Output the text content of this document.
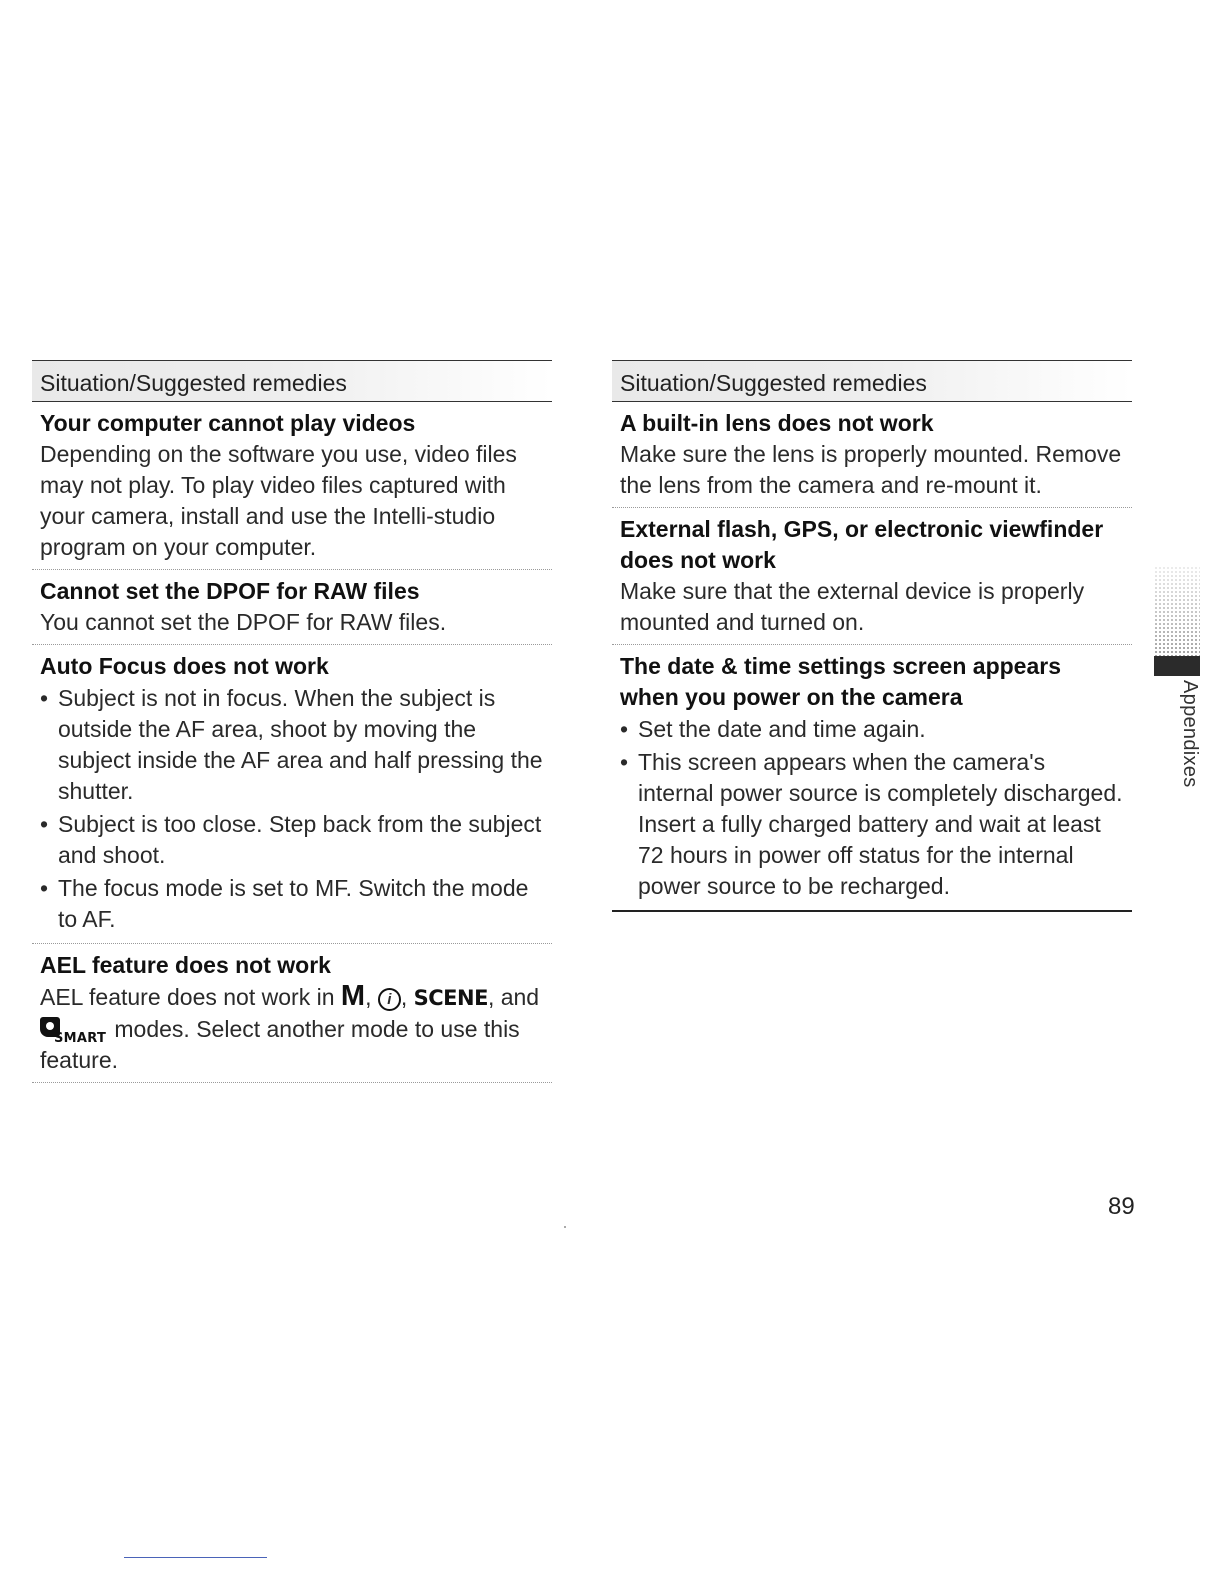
Situation/Suggested remedies
Your computer cannot play videos

Depending on the software you use, video files may not play. To play video files captured with your camera, install and use the Intelli-studio program on your computer.

Cannot set the DPOF for RAW files

You cannot set the DPOF for RAW files.

Auto Focus does not work
• Subject is not in focus. When the subject is outside the AF area, shoot by moving the subject inside the AF area and half pressing the shutter.
• Subject is too close. Step back from the subject and shoot.
• The focus mode is set to MF. Switch the mode to AF.
AEL feature does not work

AEL feature does not work in M, i , SCENE, and
SMART modes. Select another mode to use this feature.

Situation/Suggested remedies
A built-in lens does not work

Make sure the lens is properly mounted. Remove the lens from the camera and re-mount it.

External flash, GPS, or electronic viewfinder does not work

Make sure that the external device is properly mounted and turned on.

The date & time settings screen appears when you power on the camera
• Set the date and time again.
• This screen appears when the camera's internal power source is completely discharged. Insert a fully charged battery and wait at least 72 hours in power off status for the internal power source to be recharged.
Appendixes
89
